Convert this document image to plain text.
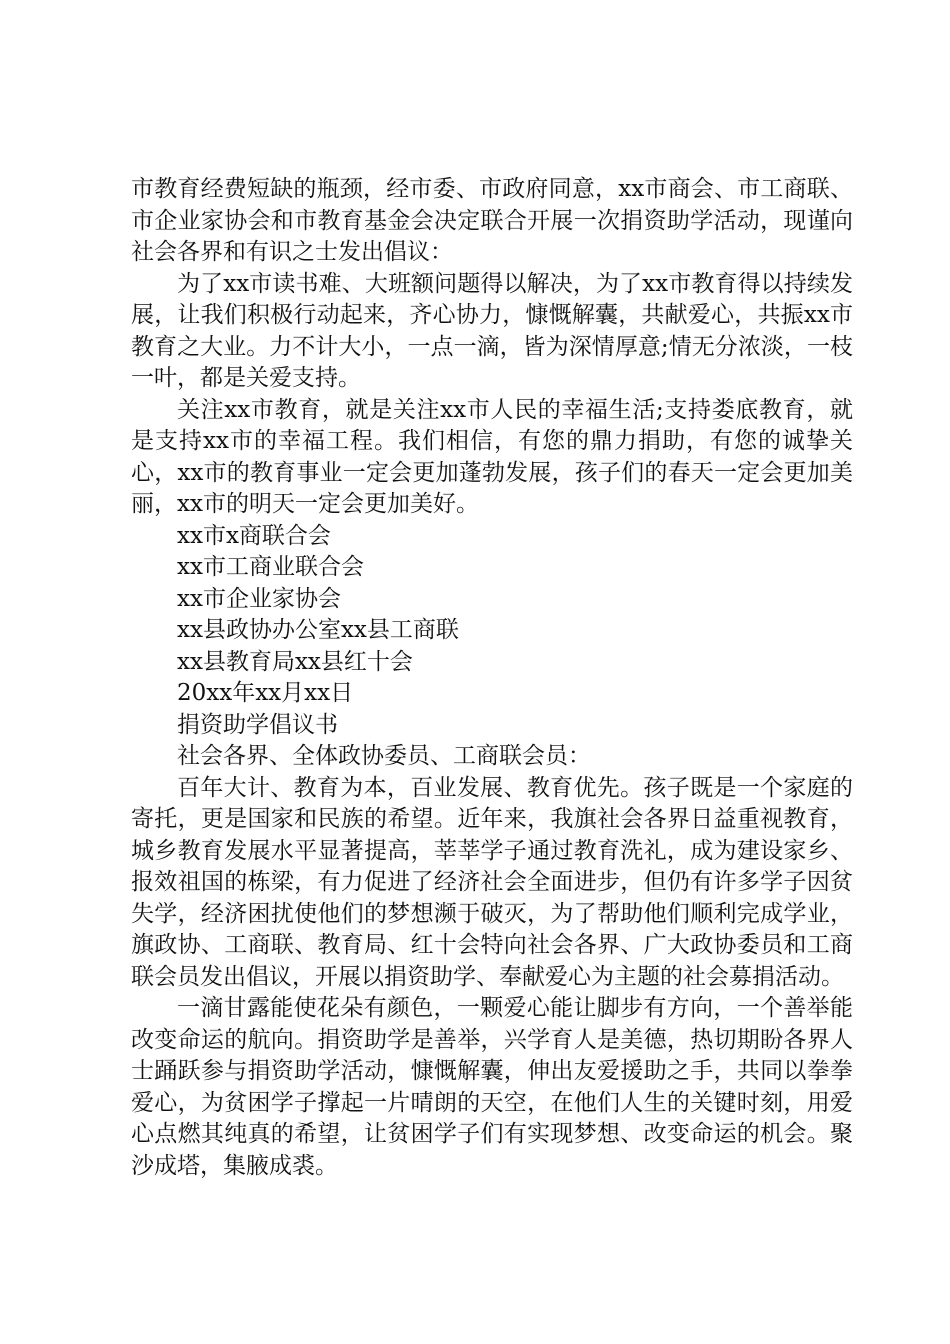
市教育经费短缺的瓶颈，经市委、市政府同意，xx市商会、市工商联、市企业家协会和市教育基金会决定联合开展一次捐资助学活动，现谨向社会各界和有识之士发出倡议：

为了xx市读书难、大班额问题得以解决，为了xx市教育得以持续发展，让我们积极行动起来，齐心协力，慷慨解囊，共献爱心，共振xx市教育之大业。力不计大小，一点一滴，皆为深情厚意;情无分浓淡，一枝一叶，都是关爱支持。

关注xx市教育，就是关注xx市人民的幸福生活;支持娄底教育，就是支持xx市的幸福工程。我们相信，有您的鼎力捐助，有您的诚挚关心，xx市的教育事业一定会更加蓬勃发展，孩子们的春天一定会更加美丽，xx市的明天一定会更加美好。

xx市x商联合会

xx市工商业联合会

xx市企业家协会

xx县政协办公室xx县工商联

xx县教育局xx县红十会

20xx年xx月xx日

捐资助学倡议书

社会各界、全体政协委员、工商联会员：

百年大计、教育为本，百业发展、教育优先。孩子既是一个家庭的寄托，更是国家和民族的希望。近年来，我旗社会各界日益重视教育，城乡教育发展水平显著提高，莘莘学子通过教育洗礼，成为建设家乡、报效祖国的栋梁，有力促进了经济社会全面进步，但仍有许多学子因贫失学，经济困扰使他们的梦想濒于破灭，为了帮助他们顺利完成学业，旗政协、工商联、教育局、红十会特向社会各界、广大政协委员和工商联会员发出倡议，开展以捐资助学、奉献爱心为主题的社会募捐活动。

一滴甘露能使花朵有颜色，一颗爱心能让脚步有方向，一个善举能改变命运的航向。捐资助学是善举，兴学育人是美德，热切期盼各界人士踊跃参与捐资助学活动，慷慨解囊，伸出友爱援助之手，共同以拳拳爱心，为贫困学子撑起一片晴朗的天空，在他们人生的关键时刻，用爱心点燃其纯真的希望，让贫困学子们有实现梦想、改变命运的机会。聚沙成塔，集腋成裘。
